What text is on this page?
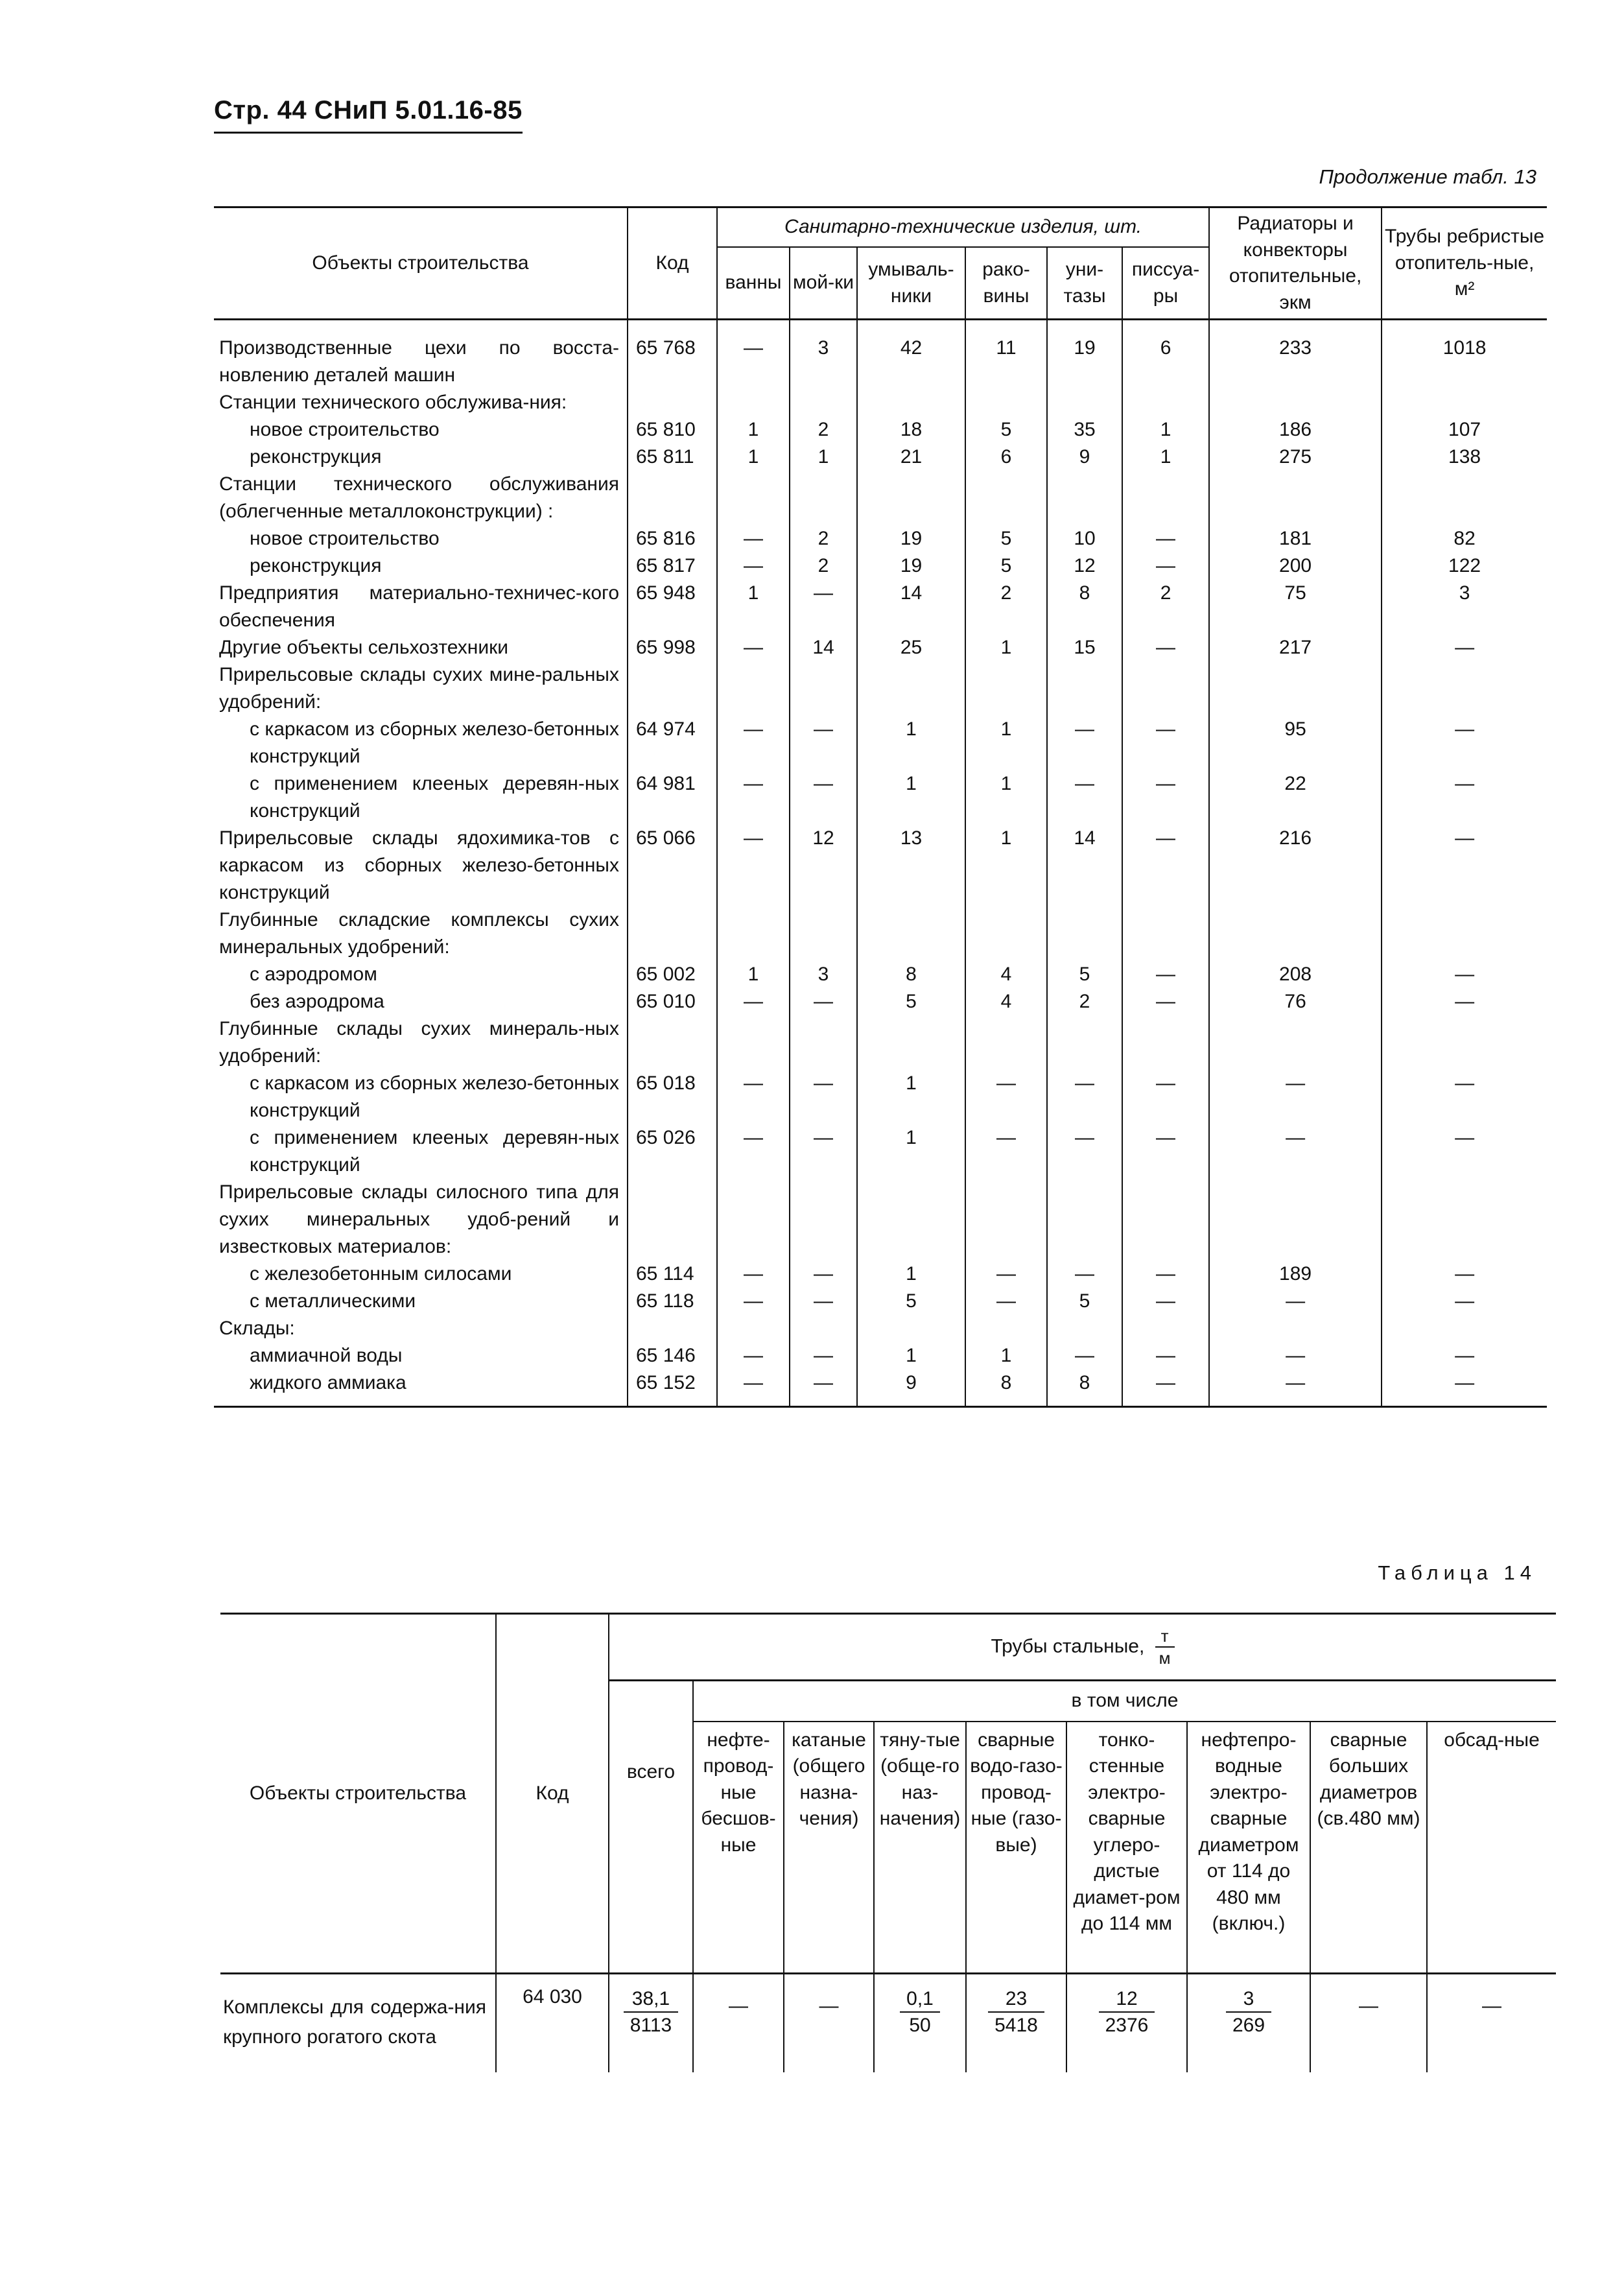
Стр. 44 СНиП 5.01.16-85
Продолжение табл. 13
Объекты строительства	Код	Санитарно-технические изделия, шт.						Радиаторы и конвекторы отопительные, экм	Трубы ребристые отопитель-ные, м²
		ванны	мой-ки	умываль-ники	рако-вины	уни-тазы	писсуа-ры		

Производственные цехи по восста-новлению деталей машин	65 768	—	3	42	11	19	6	233	1018
Станции технического обслужива-ния:									
новое строительство	65 810	1	2	18	5	35	1	186	107
реконструкция	65 811	1	1	21	6	9	1	275	138
Станции технического обслуживания (облегченные металлоконструкции) :									
новое строительство	65 816	—	2	19	5	10	—	181	82
реконструкция	65 817	—	2	19	5	12	—	200	122
Предприятия материально-техничес-кого обеспечения	65 948	1	—	14	2	8	2	75	3
Другие объекты сельхозтехники	65 998	—	14	25	1	15	—	217	—
Прирельсовые склады сухих мине-ральных удобрений:									
с каркасом из сборных железо-бетонных конструкций	64 974	—	—	1	1	—	—	95	—
с применением клееных деревян-ных конструкций	64 981	—	—	1	1	—	—	22	—
Прирельсовые склады ядохимика-тов с каркасом из сборных железо-бетонных конструкций	65 066	—	12	13	1	14	—	216	—
Глубинные складские комплексы сухих минеральных удобрений:									
с аэродромом	65 002	1	3	8	4	5	—	208	—
без аэродрома	65 010	—	—	5	4	2	—	76	—
Глубинные склады сухих минераль-ных удобрений:									
с каркасом из сборных железо-бетонных конструкций	65 018	—	—	1	—	—	—	—	—
с применением клееных деревян-ных конструкций	65 026	—	—	1	—	—	—	—	—
Прирельсовые склады силосного типа для сухих минеральных удоб-рений и известковых материалов:									
с железобетонным силосами	65 114	—	—	1	—	—	—	189	—
с металлическими	65 118	—	—	5	—	5	—	—	—
Склады:									
аммиачной воды	65 146	—	—	1	1	—	—	—	—
жидкого аммиака	65 152	—	—	9	8	8	—	—	—
Таблица 14
Объекты строительства	Код	Трубы стальные, $\frac{т}{м}$

		всего	в том числе							
			нефте-провод-ные бесшов-ные	катаные (общего назна-чения)	тяну-тые (обще-го наз-начения)	сварные водо-газо-провод-ные (газо-вые)	тонко-стенные электро-сварные углеро-дистые диамет-ром до 114 мм	нефтепро-водные электро-сварные диаметром от 114 до 480 мм (включ.)	сварные больших диаметров (св.480 мм)	обсад-ные
Комплексы для содержа-ния крупного рогатого скота	64 030	$\frac{38,1}{8113}$	—	—	$\frac{0,1}{50}$	$\frac{23}{5418}$	$\frac{12}{2376}$	$\frac{3}{269}$	—	—
